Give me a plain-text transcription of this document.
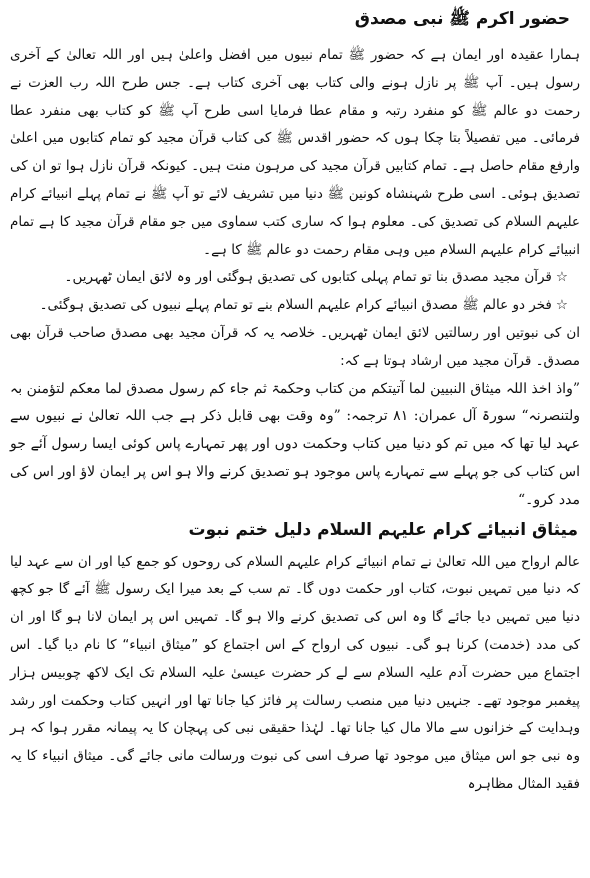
حضور اکرم ﷺ نبی مصدق

ہمارا عقیدہ اور ایمان ہے کہ حضور ﷺ تمام نبیوں میں افضل واعلیٰ ہیں اور اللہ تعالیٰ کے آخری رسول ہیں۔ آپ ﷺ پر نازل ہونے والی کتاب بھی آخری کتاب ہے۔ جس طرح اللہ رب العزت نے رحمت دو عالم ﷺ کو منفرد رتبہ و مقام عطا فرمایا اسی طرح آپ ﷺ کو کتاب بھی منفرد عطا فرمائی۔ میں تفصیلاً بتا چکا ہوں کہ حضور اقدس ﷺ کی کتاب قرآن مجید کو تمام کتابوں میں اعلیٰ وارفع مقام حاصل ہے۔ تمام کتابیں قرآن مجید کی مرہون منت ہیں۔ کیونکہ قرآن نازل ہوا تو ان کی تصدیق ہوئی۔ اسی طرح شہنشاہ کونین ﷺ دنیا میں تشریف لائے تو آپ ﷺ نے تمام پہلے انبیائے کرام علیہم السلام کی تصدیق کی۔ معلوم ہوا کہ ساری کتب سماوی میں جو مقام قرآن مجید کا ہے تمام انبیائے کرام علیہم السلام میں وہی مقام رحمت دو عالم ﷺ کا ہے۔

☆قرآن مجید مصدق بنا تو تمام پہلی کتابوں کی تصدیق ہوگئی اور وہ لائق ایمان ٹھہریں۔

☆فخر دو عالم ﷺ مصدق انبیائے کرام علیہم السلام بنے تو تمام پہلے نبیوں کی تصدیق ہوگئی۔

ان کی نبوتیں اور رسالتیں لائق ایمان ٹھہریں۔ خلاصہ یہ کہ قرآن مجید بھی مصدق صاحب قرآن بھی مصدق۔ قرآن مجید میں ارشاد ہوتا ہے کہ:

”واذ اخذ اللہ میثاق النبیین لما آتیتکم من کتاب وحکمۃ ثم جاء کم رسول مصدق لما معکم لتؤمنن بہ ولتنصرنہ“ سورۃ آل عمران: ۸۱ ترجمہ: ”وہ وقت بھی قابل ذکر ہے جب اللہ تعالیٰ نے نبیوں سے عہد لیا تھا کہ میں تم کو دنیا میں کتاب وحکمت دوں اور پھر تمہارے پاس کوئی ایسا رسول آئے جو اس کتاب کی جو پہلے سے تمہارے پاس موجود ہو تصدیق کرنے والا ہو اس پر ایمان لاؤ اور اس کی مدد کرو۔“

میثاق انبیائے کرام علیہم السلام دلیل ختم نبوت

عالم ارواح میں اللہ تعالیٰ نے تمام انبیائے کرام علیہم السلام کی روحوں کو جمع کیا اور ان سے عہد لیا کہ دنیا میں تمہیں نبوت، کتاب اور حکمت دوں گا۔ تم سب کے بعد میرا ایک رسول ﷺ آئے گا جو کچھ دنیا میں تمہیں دیا جائے گا وہ اس کی تصدیق کرنے والا ہو گا۔ تمہیں اس پر ایمان لانا ہو گا اور ان کی مدد (خدمت) کرنا ہو گی۔ نبیوں کی ارواح کے اس اجتماع کو ”میثاق انبیاء“ کا نام دیا گیا۔ اس اجتماع میں حضرت آدم علیہ السلام سے لے کر حضرت عیسیٰ علیہ السلام تک ایک لاکھ چوبیس ہزار پیغمبر موجود تھے۔ جنہیں دنیا میں منصب رسالت پر فائز کیا جانا تھا اور انہیں کتاب وحکمت اور رشد وہدایت کے خزانوں سے مالا مال کیا جانا تھا۔ لہٰذا حقیقی نبی کی پہچان کا یہ پیمانہ مقرر ہوا کہ ہر وہ نبی جو اس میثاق میں موجود تھا صرف اسی کی نبوت ورسالت مانی جائے گی۔ میثاق انبیاء کا یہ فقید المثال مظاہرہ
